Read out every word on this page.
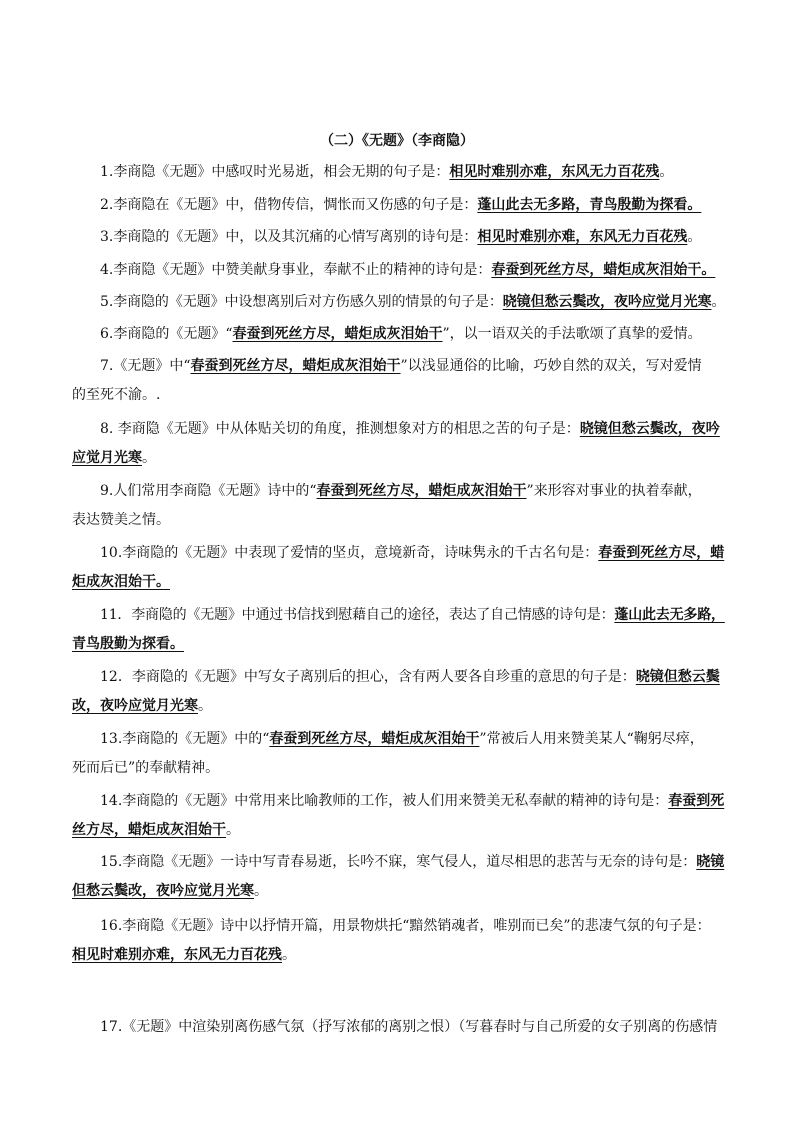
（二）《无题》（李商隐）
1.李商隐《无题》中感叹时光易逝，相会无期的句子是：相见时难别亦难，东风无力百花残。
2.李商隐在《无题》中，借物传信，惆怅而又伤感的句子是：蓬山此去无多路，青鸟殷勤为探看。
3.李商隐的《无题》中，以及其沉痛的心情写离别的诗句是：相见时难别亦难，东风无力百花残。
4.李商隐《无题》中赞美献身事业，奉献不止的精神的诗句是：春蚕到死丝方尽，蜡炬成灰泪始干。
5.李商隐的《无题》中设想离别后对方伤感久别的情景的句子是：晓镜但愁云鬓改，夜吟应觉月光寒。
6.李商隐的《无题》“春蚕到死丝方尽，蜡炬成灰泪始干”，以一语双关的手法歌颂了真挚的爱情。
7.《无题》中“春蚕到死丝方尽，蜡炬成灰泪始干”以浅显通俗的比喻，巧妙自然的双关，写对爱情
的至死不渝。.
8. 李商隐《无题》中从体贴关切的角度，推测想象对方的相思之苦的句子是：晓镜但愁云鬓改，夜吟
应觉月光寒。
9.人们常用李商隐《无题》诗中的“春蚕到死丝方尽，蜡炬成灰泪始干”来形容对事业的执着奉献，
表达赞美之情。
10.李商隐的《无题》中表现了爱情的坚贞，意境新奇，诗味隽永的千古名句是：春蚕到死丝方尽，蜡
炬成灰泪始干。
11．李商隐的《无题》中通过书信找到慰藉自己的途径，表达了自己情感的诗句是：蓬山此去无多路，
青鸟殷勤为探看。
12．李商隐的《无题》中写女子离别后的担心，含有两人要各自珍重的意思的句子是：晓镜但愁云鬓
改，夜吟应觉月光寒。
13.李商隐的《无题》中的“春蚕到死丝方尽，蜡炬成灰泪始干”常被后人用来赞美某人“鞠躬尽瘁，
死而后已”的奉献精神。
14.李商隐的《无题》中常用来比喻教师的工作，被人们用来赞美无私奉献的精神的诗句是：春蚕到死
丝方尽，蜡炬成灰泪始干。
15.李商隐《无题》一诗中写青春易逝，长吟不寐，寒气侵人，道尽相思的悲苦与无奈的诗句是：晓镜
但愁云鬓改，夜吟应觉月光寒。
16.李商隐《无题》诗中以抒情开篇，用景物烘托“黯然销魂者，唯别而已矣”的悲凄气氛的句子是：
相见时难别亦难，东风无力百花残。
17.《无题》中渲染别离伤感气氛（抒写浓郁的离别之恨）（写暮春时与自己所爱的女子别离的伤感情
